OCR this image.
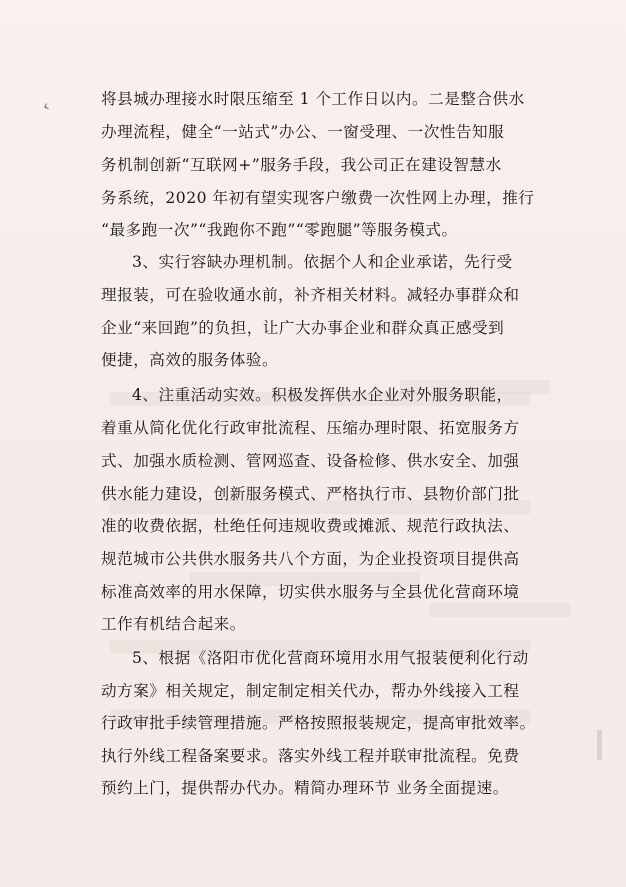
‹	将县城办理接水时限压缩至 1 个工作日以内。二是整合供水
办理流程，健全“一站式”办公、一窗受理、一次性告知服
务机制创新“互联网+”服务手段，我公司正在建设智慧水
务系统，2020 年初有望实现客户缴费一次性网上办理，推行
“最多跑一次”“我跑你不跑”“零跑腿”等服务模式。
3、实行容缺办理机制。依据个人和企业承诺，先行受
理报装，可在验收通水前，补齐相关材料。减轻办事群众和
企业“来回跑”的负担，让广大办事企业和群众真正感受到
便捷，高效的服务体验。
4、注重活动实效。积极发挥供水企业对外服务职能，
着重从简化优化行政审批流程、压缩办理时限、拓宽服务方
式、加强水质检测、管网巡查、设备检修、供水安全、加强
供水能力建设，创新服务模式、严格执行市、县物价部门批
准的收费依据，杜绝任何违规收费或摊派、规范行政执法、
规范城市公共供水服务共八个方面，为企业投资项目提供高
标准高效率的用水保障，切实供水服务与全县优化营商环境
工作有机结合起来。
5、根据《洛阳市优化营商环境用水用气报装便利化行动
动方案》相关规定，制定制定相关代办，帮办外线接入工程
行政审批手续管理措施。严格按照报装规定，提高审批效率。
执行外线工程备案要求。落实外线工程并联审批流程。免费
预约上门，提供帮办代办。精简办理环节 业务全面提速。
